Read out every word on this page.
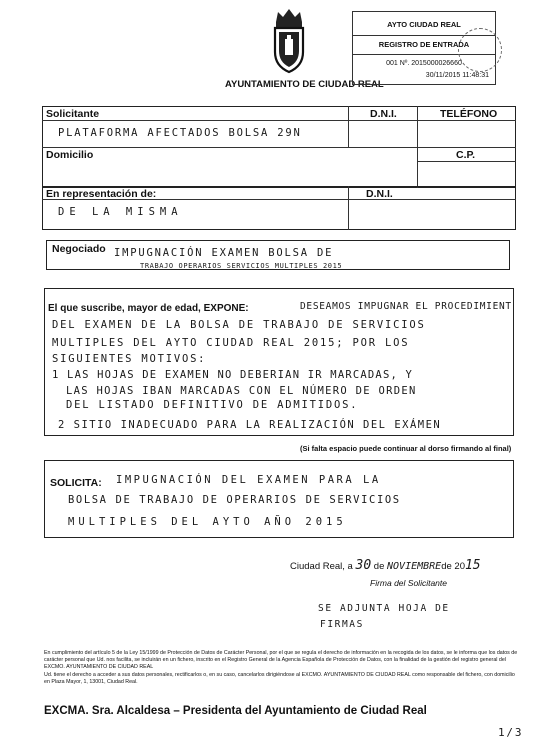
AYUNTAMIENTO DE CIUDAD REAL
AYTO CIUDAD REAL
REGISTRO DE ENTRADA
001 Nº. 2015000026660
30/11/2015 11:48:31
Solicitante	D.N.I.	TELÉFONO
PLATAFORMA AFECTADOS BOLSA 29N
Domicilio	C.P.
En representación de:	D.N.I.
DE LA MISMA
Negociado IMPUGNACIÓN EXAMEN BOLSA DE
TRABAJO OPERARIOS SERVICIOS MULTIPLES 2015
El que suscribe, mayor de edad, EXPONE:	DESEAMOS IMPUGNAR EL PROCEDIMIENT
DEL EXAMEN DE LA BOLSA DE TRABAJO DE SERVICIOS
MULTIPLES DEL AYTO CIUDAD REAL 2015; POR LOS
SIGUIENTES MOTIVOS:
1 LAS HOJAS DE EXAMEN NO DEBERIAN IR MARCADAS, Y
LAS HOJAS IBAN MARCADAS CON EL NÚMERO DE ORDEN
DEL LISTADO DEFINITIVO DE ADMITIDOS.
2 SITIO INADECUADO PARA LA REALIZACIÓN DEL EXÁMEN
(Si falta espacio puede continuar al dorso firmando al final)
SOLICITA: IMPUGNACIÓN DEL EXAMEN PARA LA
BOLSA DE TRABAJO DE OPERARIOS DE SERVICIOS
MULTIPLES DEL AYTO AÑO 2015
Ciudad Real, a 30 de NOVIEMBREde 2015
Firma del Solicitante
SE ADJUNTA HOJA DE
FIRMAS
En cumplimiento del artículo 5 de la Ley 15/1999 de Protección de Datos de Carácter Personal, por el que se regula el derecho de información en la recogida de los datos, se le informa que los datos de carácter personal que Ud. nos facilita, se incluirán en un fichero, inscrito en el Registro General de la Agencia Española de Protección de Datos, con la finalidad de la gestión del registro general del EXCMO. AYUNTAMIENTO DE CIUDAD REAL
Ud. tiene el derecho a acceder a sus datos personales, rectificarlos o, en su caso, cancelarlos dirigiéndose al EXCMO. AYUNTAMIENTO DE CIUDAD REAL como responsable del fichero, con domicilio en Plaza Mayor, 1, 13001, Ciudad Real.
EXCMA. Sra. Alcaldesa – Presidenta del Ayuntamiento de Ciudad Real
1/3
